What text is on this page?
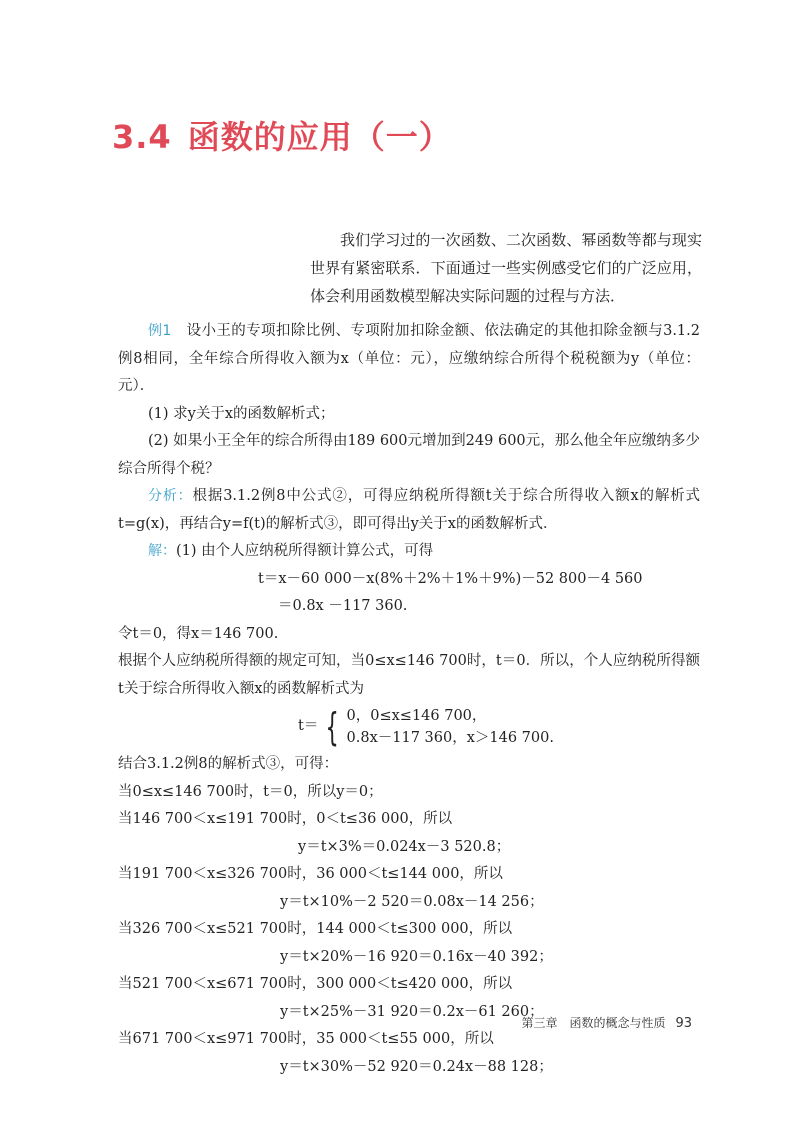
3.4 函数的应用（一）

我们学习过的一次函数、二次函数、幂函数等都与现实世界有紧密联系．下面通过一些实例感受它们的广泛应用，体会利用函数模型解决实际问题的过程与方法．

例1　 设小王的专项扣除比例、专项附加扣除金额、依法确定的其他扣除金额与3.1.2例8相同，全年综合所得收入额为x（单位：元），应缴纳综合所得个税税额为y（单位：元）．

(1) 求y关于x的函数解析式；

(2) 如果小王全年的综合所得由189 600元增加到249 600元，那么他全年应缴纳多少综合所得个税？

分析：根据3.1.2例8中公式②，可得应纳税所得额t关于综合所得收入额x的解析式t=g(x)，再结合y=f(t)的解析式③，即可得出y关于x的函数解析式．

解：(1) 由个人应纳税所得额计算公式，可得

t＝x－60 000－x(8%＋2%＋1%＋9%)－52 800－4 560

＝0.8x －117 360.

令t＝0，得x＝146 700.

根据个人应纳税所得额的规定可知，当0≤x≤146 700时，t＝0．所以，个人应纳税所得额t关于综合所得收入额x的函数解析式为

t＝ { 0，0≤x≤146 700，
0.8x－117 360，x＞146 700.

结合3.1.2例8的解析式③，可得：

当0≤x≤146 700时，t＝0，所以y＝0；

当146 700＜x≤191 700时，0＜t≤36 000，所以

y＝t×3%＝0.024x－3 520.8；

当191 700＜x≤326 700时，36 000＜t≤144 000，所以

y＝t×10%－2 520＝0.08x－14 256；

当326 700＜x≤521 700时，144 000＜t≤300 000，所以

y＝t×20%－16 920＝0.16x－40 392；

当521 700＜x≤671 700时，300 000＜t≤420 000，所以

y＝t×25%－31 920＝0.2x－61 260；

当671 700＜x≤971 700时，35 000＜t≤55 000，所以

y＝t×30%－52 920＝0.24x－88 128；

第三章　函数的概念与性质 93
